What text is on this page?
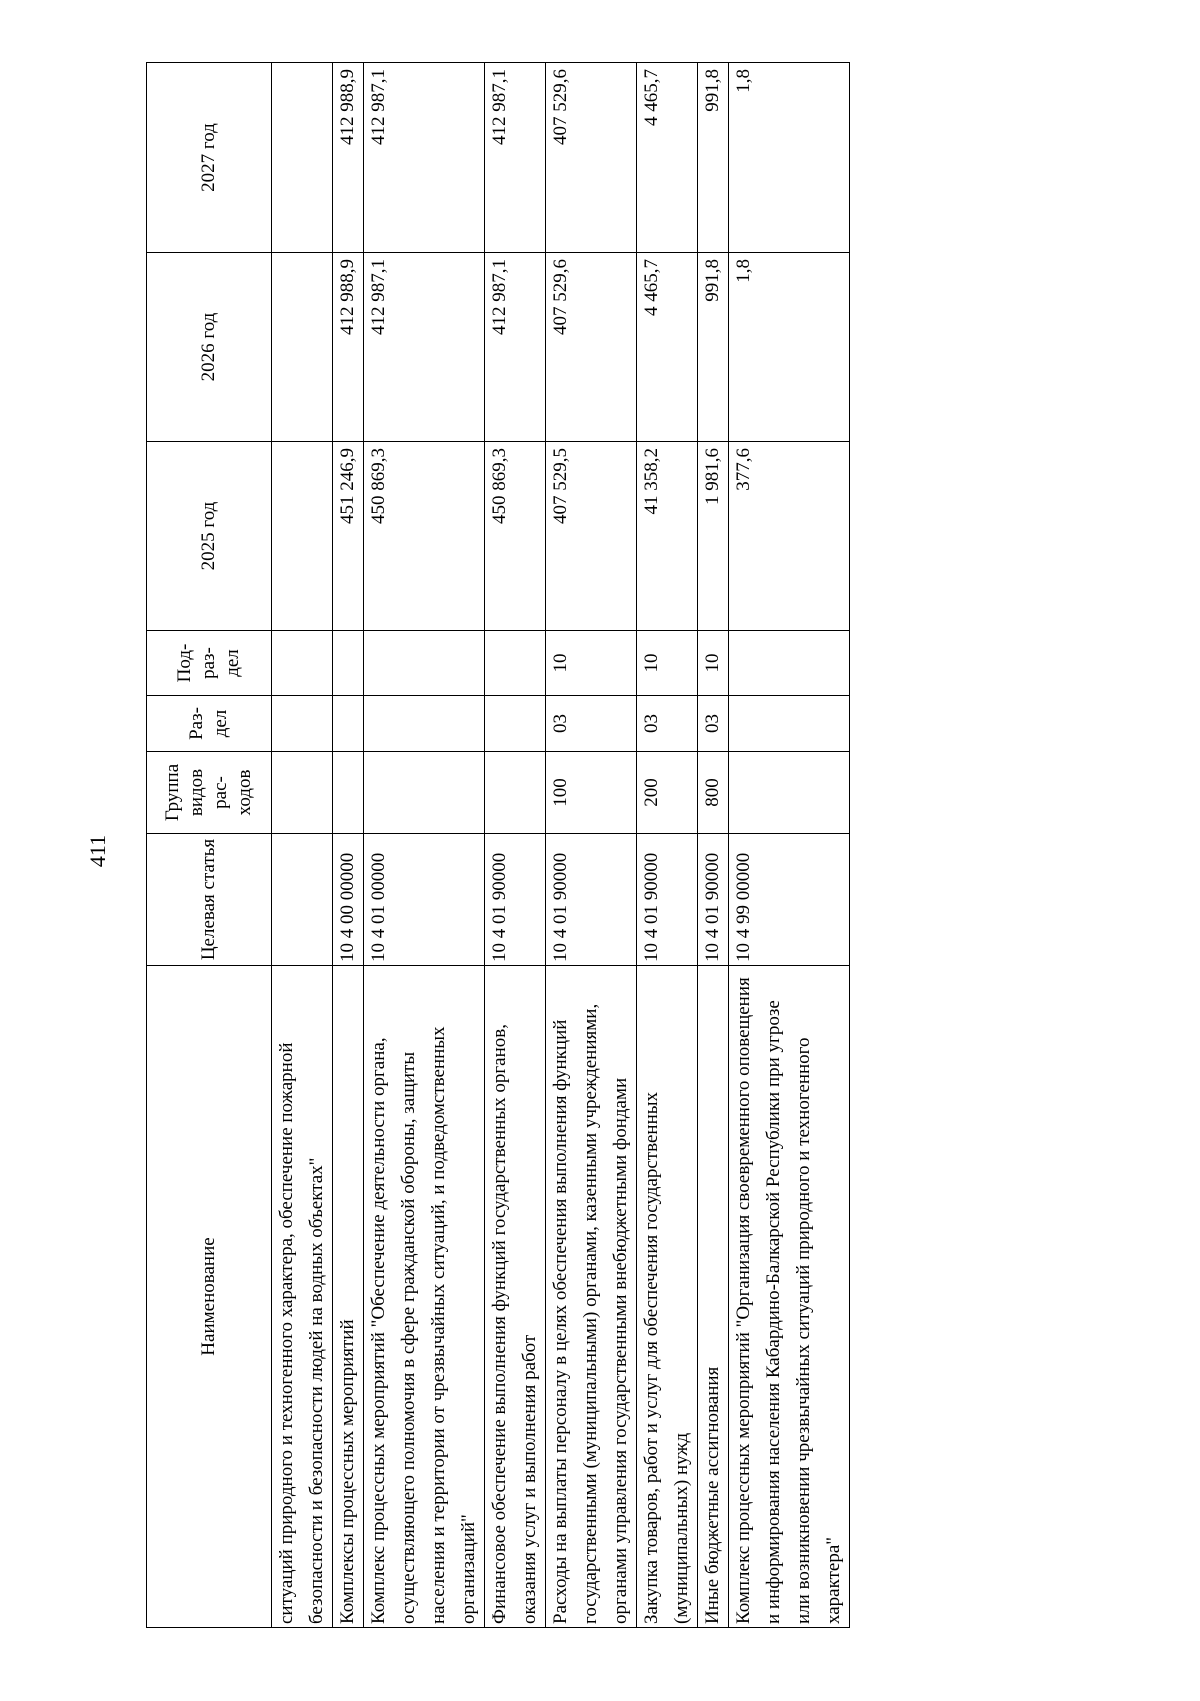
411
Наименование	Целевая статья	Группа видов рас-ходов	Раз-дел	Под-раз-дел	2025 год	2026 год	2027 год
ситуаций природного и техногенного характера, обеспечение пожарной безопасности и безопасности людей на водных объектах"							
Комплексы процессных мероприятий	10 4 00 00000				451 246,9	412 988,9	412 988,9
Комплекс процессных мероприятий "Обеспечение деятельности органа, осуществляющего полномочия в сфере гражданской обороны, защиты населения и территории от чрезвычайных ситуаций, и подведомственных организаций"	10 4 01 00000				450 869,3	412 987,1	412 987,1
Финансовое обеспечение выполнения функций государственных органов, оказания услуг и выполнения работ	10 4 01 90000				450 869,3	412 987,1	412 987,1
Расходы на выплаты персоналу в целях обеспечения выполнения функций государственными (муниципальными) органами, казенными учреждениями, органами управления государственными внебюджетными фондами	10 4 01 90000	100	03	10	407 529,5	407 529,6	407 529,6
Закупка товаров, работ и услуг для обеспечения государственных (муниципальных) нужд	10 4 01 90000	200	03	10	41 358,2	4 465,7	4 465,7
Иные бюджетные ассигнования	10 4 01 90000	800	03	10	1 981,6	991,8	991,8
Комплекс процессных мероприятий "Организация своевременного оповещения и информирования населения Кабардино-Балкарской Республики при угрозе или возникновении чрезвычайных ситуаций природного и техногенного характера"	10 4 99 00000				377,6	1,8	1,8
